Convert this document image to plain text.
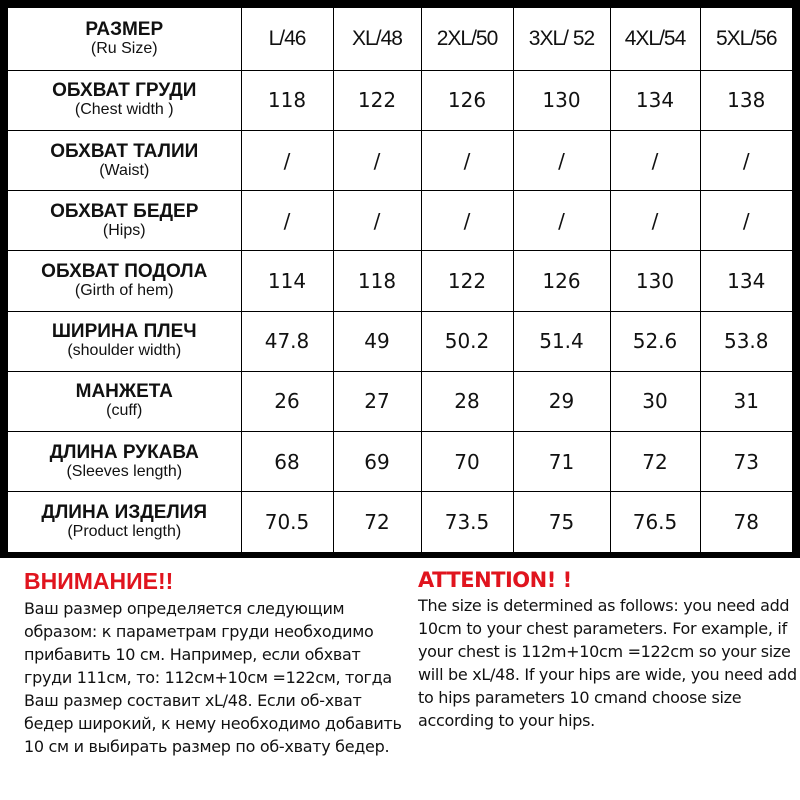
РАЗМЕР
(Ru Size)	L/46	XL/48	2XL/50	3XL/ 52	4XL/54	5XL/56

ОБХВАТ ГРУДИ
(Chest width )	118	122	126	130	134	138

ОБХВАТ ТАЛИИ
(Waist)	/	/	/	/	/	/

ОБХВАТ БЕДЕР
(Hips)	/	/	/	/	/	/

ОБХВАТ ПОДОЛА
(Girth of hem)	114	118	122	126	130	134

ШИРИНА ПЛЕЧ
(shoulder width)	47.8	49	50.2	51.4	52.6	53.8

МАНЖЕТА
(cuff)	26	27	28	29	30	31

ДЛИНА РУКАВА
(Sleeves length)	68	69	70	71	72	73

ДЛИНА ИЗДЕЛИЯ
(Product length)	70.5	72	73.5	75	76.5	78
ВНИМАНИЕ!!

Ваш размер определяется следующим образом: к параметрам груди необходимо прибавить 10 см. Например, если обхват груди 111см, то: 112см+10см =122см, тогда Ваш размер составит xL/48. Если об-хват бедер широкий, к нему необходимо добавить 10 см и выбирать размер по об-хвату бедер.

ATTENTION! !

The size is determined as follows: you need add 10cm to your chest parameters. For example, if your chest is 112m+10cm =122cm so your size will be xL/48. If your hips are wide, you need add to hips parameters 10 cmand choose size according to your hips.
